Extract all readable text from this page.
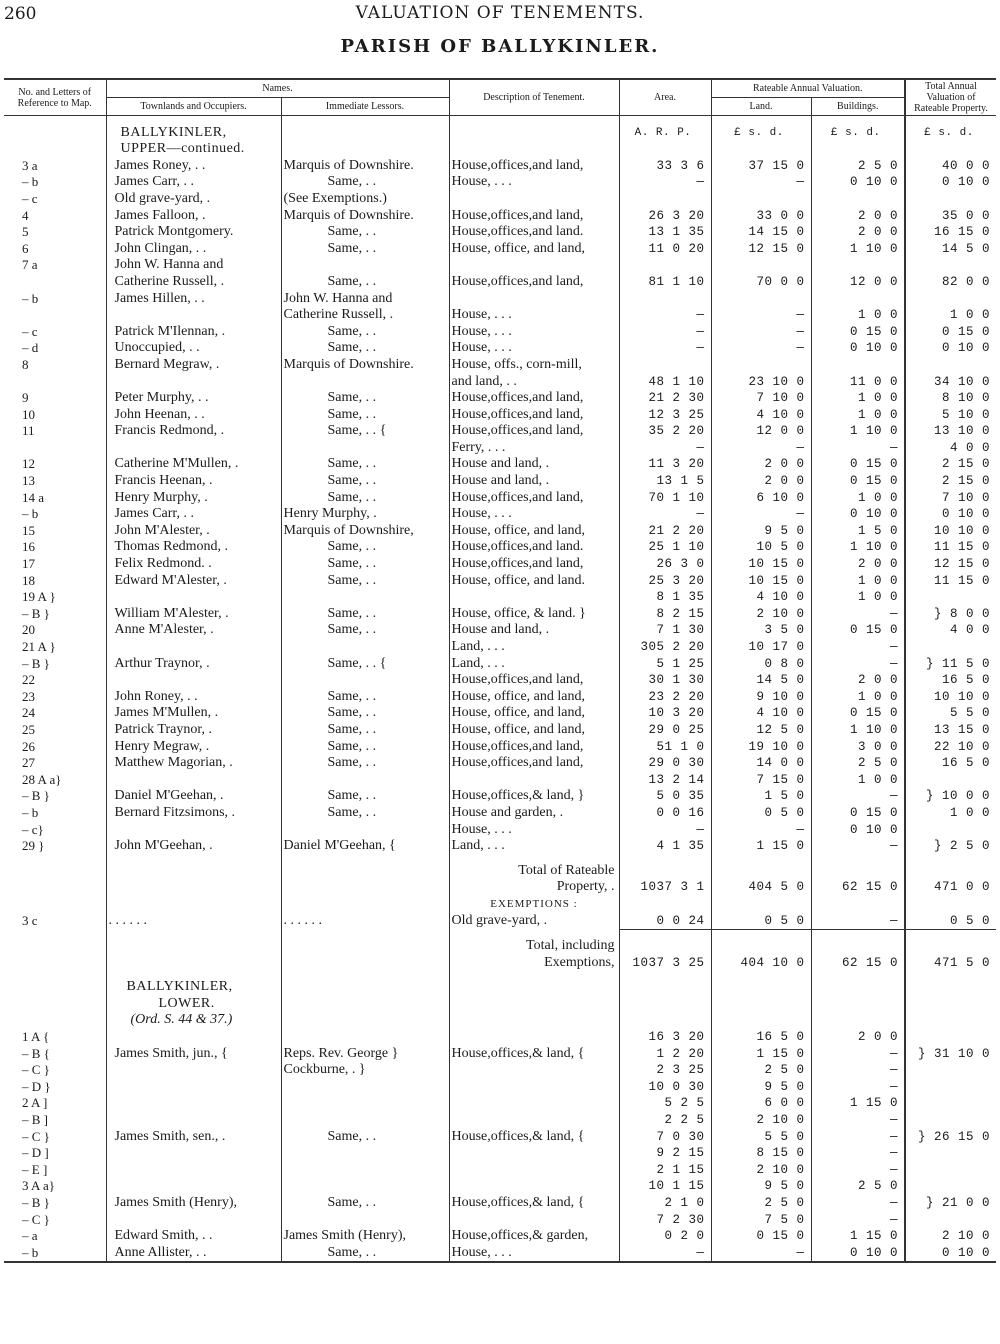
260	VALUATION OF TENEMENTS.
PARISH OF BALLYKINLER.
No. and Letters of Reference to Map.	Names.		Description of Tenement.	Area.	Rateable Annual Valuation.		Total Annual Valuation of Rateable Property.
	Townlands and Occupiers.	Immediate Lessors.			Land.	Buildings.	

	BALLYKINLER,			A. R. P.	£ s. d.	£ s. d.	£ s. d.
	UPPER—continued.						
3 a	James Roney, . .	Marquis of Downshire.	House,offices,and land,	33 3 6	37 15 0	2 5 0	40 0 0
– b	James Carr, . .	Same, . .	House, . . .	—	—	0 10 0	0 10 0
– c	Old grave-yard, .	(See Exemptions.)					
4	James Falloon, .	Marquis of Downshire.	House,offices,and land,	26 3 20	33 0 0	2 0 0	35 0 0
5	Patrick Montgomery.	Same, . .	House,offices,and land.	13 1 35	14 15 0	2 0 0	16 15 0
6	John Clingan, . .	Same, . .	House, office, and land,	11 0 20	12 15 0	1 10 0	14 5 0
7 a	John W. Hanna and						
	Catherine Russell, .	Same, . .	House,offices,and land,	81 1 10	70 0 0	12 0 0	82 0 0
– b	James Hillen, . .	John W. Hanna and					
		Catherine Russell, .	House, . . .	—	—	1 0 0	1 0 0
– c	Patrick M'Ilennan, .	Same, . .	House, . . .	—	—	0 15 0	0 15 0
– d	Unoccupied, . .	Same, . .	House, . . .	—	—	0 10 0	0 10 0
8	Bernard Megraw, .	Marquis of Downshire.	House, offs., corn-mill,				
			and land, . .	48 1 10	23 10 0	11 0 0	34 10 0
9	Peter Murphy, . .	Same, . .	House,offices,and land,	21 2 30	7 10 0	1 0 0	8 10 0
10	John Heenan, . .	Same, . .	House,offices,and land,	12 3 25	4 10 0	1 0 0	5 10 0
11	Francis Redmond, .	Same, . . {	House,offices,and land,	35 2 20	12 0 0	1 10 0	13 10 0
			Ferry, . . .	—	—	—	4 0 0
12	Catherine M'Mullen, .	Same, . .	House and land, .	11 3 20	2 0 0	0 15 0	2 15 0
13	Francis Heenan, .	Same, . .	House and land, .	13 1 5	2 0 0	0 15 0	2 15 0
14 a	Henry Murphy, .	Same, . .	House,offices,and land,	70 1 10	6 10 0	1 0 0	7 10 0
– b	James Carr, . .	Henry Murphy, .	House, . . .	—	—	0 10 0	0 10 0
15	John M'Alester, .	Marquis of Downshire,	House, office, and land,	21 2 20	9 5 0	1 5 0	10 10 0
16	Thomas Redmond, .	Same, . .	House,offices,and land.	25 1 10	10 5 0	1 10 0	11 15 0
17	Felix Redmond. .	Same, . .	House,offices,and land,	26 3 0	10 15 0	2 0 0	12 15 0
18	Edward M'Alester, .	Same, . .	House, office, and land.	25 3 20	10 15 0	1 0 0	11 15 0
19 A }				8 1 35	4 10 0	1 0 0	
– B }	William M'Alester, .	Same, . .	House, office, & land. }	8 2 15	2 10 0	—	} 8 0 0
20	Anne M'Alester, .	Same, . .	House and land, .	7 1 30	3 5 0	0 15 0	4 0 0
21 A }			Land, . . .	305 2 20	10 17 0	—	
– B }	Arthur Traynor, .	Same, . . {	Land, . . .	5 1 25	0 8 0	—	} 11 5 0
22			House,offices,and land,	30 1 30	14 5 0	2 0 0	16 5 0
23	John Roney, . .	Same, . .	House, office, and land,	23 2 20	9 10 0	1 0 0	10 10 0
24	James M'Mullen, .	Same, . .	House, office, and land,	10 3 20	4 10 0	0 15 0	5 5 0
25	Patrick Traynor, .	Same, . .	House, office, and land,	29 0 25	12 5 0	1 10 0	13 15 0
26	Henry Megraw, .	Same, . .	House,offices,and land,	51 1 0	19 10 0	3 0 0	22 10 0
27	Matthew Magorian, .	Same, . .	House,offices,and land,	29 0 30	14 0 0	2 5 0	16 5 0
28 A a}				13 2 14	7 15 0	1 0 0	
– B }	Daniel M'Geehan, .	Same, . .	House,offices,& land, }	5 0 35	1 5 0	—	} 10 0 0
– b	Bernard Fitzsimons, .	Same, . .	House and garden, .	0 0 16	0 5 0	0 15 0	1 0 0
– c}			House, . . .	—	—	0 10 0	
29 }	John M'Geehan, .	Daniel M'Geehan, {	Land, . . .	4 1 35	1 15 0	—	} 2 5 0

			Total of Rateable				
			Property, .	1037 3 1	404 5 0	62 15 0	471 0 0
			EXEMPTIONS :				
3 c	. . . . . .	. . . . . .	Old grave-yard, .	0 0 24	0 5 0	—	0 5 0

			Total, including				
			Exemptions,	1037 3 25	404 10 0	62 15 0	471 5 0

	BALLYKINLER,						
	LOWER.						
	(Ord. S. 44 & 37.)						
1 A {				16 3 20	16 5 0	2 0 0	
– B {	James Smith, jun., {	Reps. Rev. George }	House,offices,& land, {	1 2 20	1 15 0	—	} 31 10 0
– C }		Cockburne, . }		2 3 25	2 5 0	—	
– D }				10 0 30	9 5 0	—	
2 A ]				5 2 5	6 0 0	1 15 0	
– B ]				2 2 5	2 10 0	—	
– C }	James Smith, sen., .	Same, . .	House,offices,& land, {	7 0 30	5 5 0	—	} 26 15 0
– D ]				9 2 15	8 15 0	—	
– E ]				2 1 15	2 10 0	—	
3 A a}				10 1 15	9 5 0	2 5 0	
– B }	James Smith (Henry),	Same, . .	House,offices,& land, {	2 1 0	2 5 0	—	} 21 0 0
– C }				7 2 30	7 5 0	—	
– a	Edward Smith, . .	James Smith (Henry),	House,offices,& garden,	0 2 0	0 15 0	1 15 0	2 10 0
– b	Anne Allister, . .	Same, . .	House, . . .	—	—	0 10 0	0 10 0
